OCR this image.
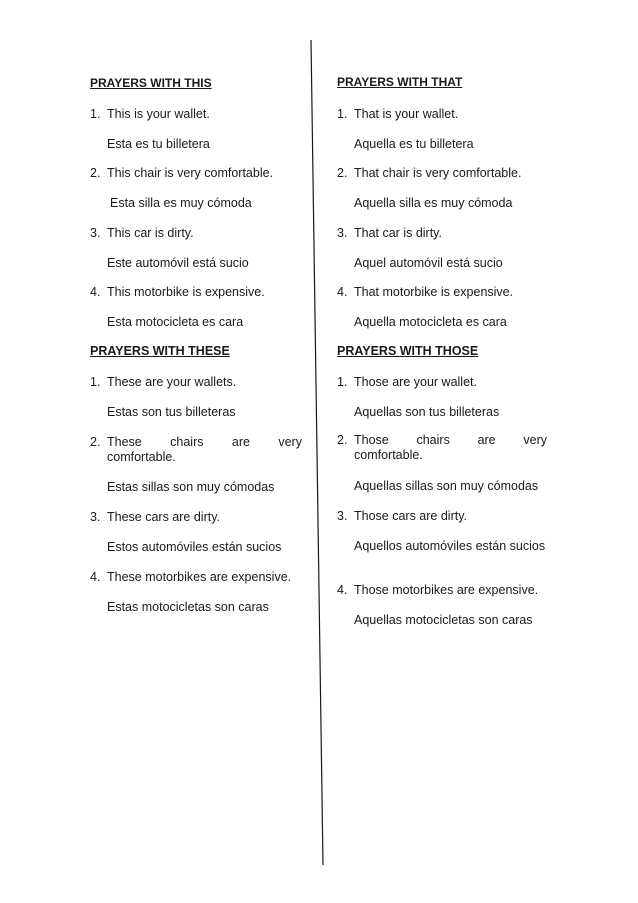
PRAYERS WITH THIS
1. This is your wallet.
Esta es tu billetera
2. This chair is very comfortable.
Esta silla es muy cómoda
3. This car is dirty.
Este automóvil está sucio
4. This motorbike is expensive.
Esta motocicleta es cara
PRAYERS WITH THESE
1. These are your wallets.
Estas son tus billeteras
2. These chairs are very
comfortable.
Estas sillas son muy cómodas
3. These cars are dirty.
Estos automóviles están sucios
4. These motorbikes are expensive.
Estas motocicletas son caras
PRAYERS WITH THAT
1. That is your wallet.
Aquella es tu billetera
2. That chair is very comfortable.
Aquella silla es muy cómoda
3. That car is dirty.
Aquel automóvil está sucio
4. That motorbike is expensive.
Aquella motocicleta es cara
PRAYERS WITH THOSE
1. Those are your wallet.
Aquellas son tus billeteras
2. Those chairs are very
comfortable.
Aquellas sillas son muy cómodas
3. Those cars are dirty.
Aquellos automóviles están sucios
4. Those motorbikes are expensive.
Aquellas motocicletas son caras
